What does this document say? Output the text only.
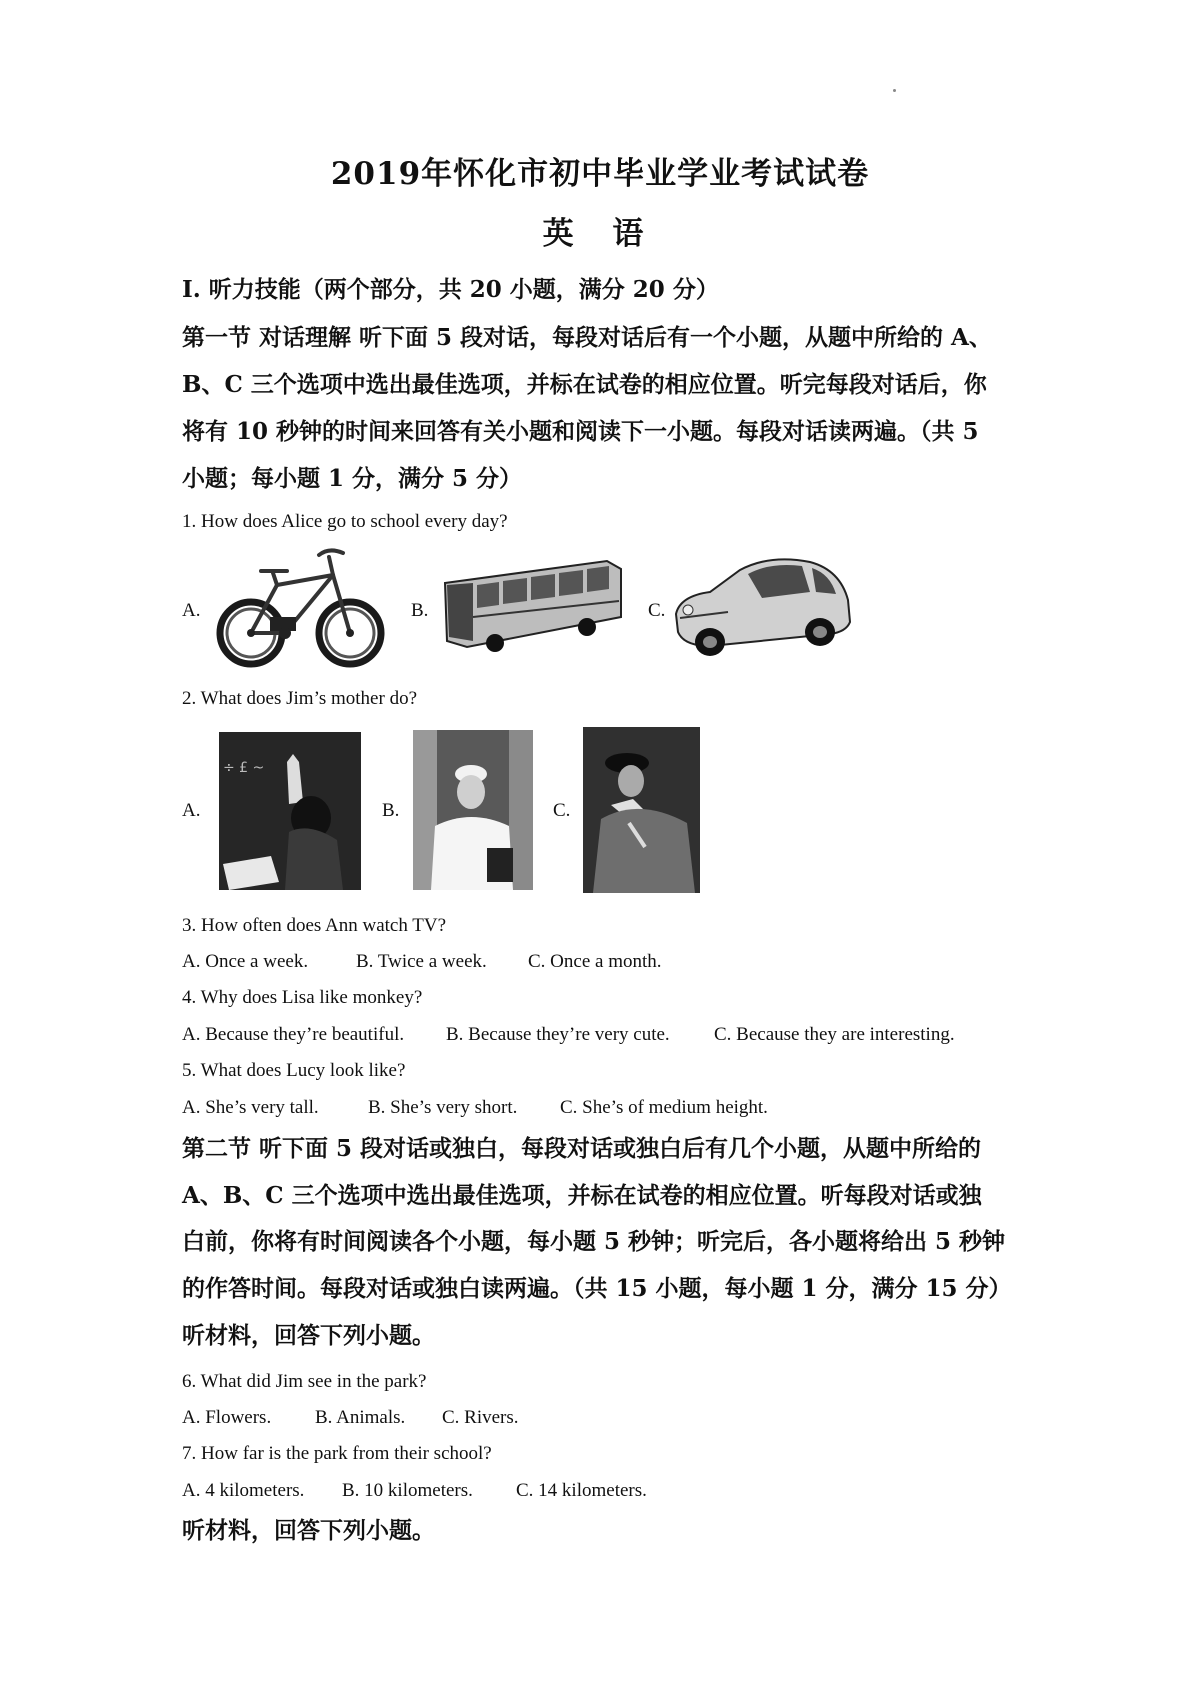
2019年怀化市初中毕业学业考试试卷
英 语
I. 听力技能（两个部分，共 20 小题，满分 20 分）
第一节 对话理解 听下面 5 段对话，每段对话后有一个小题，从题中所给的 A、
B、C 三个选项中选出最佳选项，并标在试卷的相应位置。听完每段对话后，你
将有 10 秒钟的时间来回答有关小题和阅读下一小题。每段对话读两遍。（共 5
小题；每小题 1 分，满分 5 分）
1. How does Alice go to school every day?
A.	B.	C.
2. What does Jim’s mother do?
A.
÷ £ ~
B.	C.
3. How often does Ann watch TV?
A. Once a week.	B. Twice a week. C. Once a month.
4. Why does Lisa like monkey?
A. Because they’re beautiful. B. Because they’re very cute. C. Because they are interesting.
5. What does Lucy look like?
A. She’s very tall.	B. She’s very short. C. She’s of medium height.
第二节 听下面 5 段对话或独白，每段对话或独白后有几个小题，从题中所给的
A、B、C 三个选项中选出最佳选项，并标在试卷的相应位置。听每段对话或独
白前，你将有时间阅读各个小题，每小题 5 秒钟；听完后，各小题将给出 5 秒钟
的作答时间。每段对话或独白读两遍。（共 15 小题，每小题 1 分，满分 15 分）
听材料，回答下列小题。
6. What did Jim see in the park?
A. Flowers. B. Animals. C. Rivers.
7. How far is the park from their school?
A. 4 kilometers. B. 10 kilometers. C. 14 kilometers.
听材料，回答下列小题。
